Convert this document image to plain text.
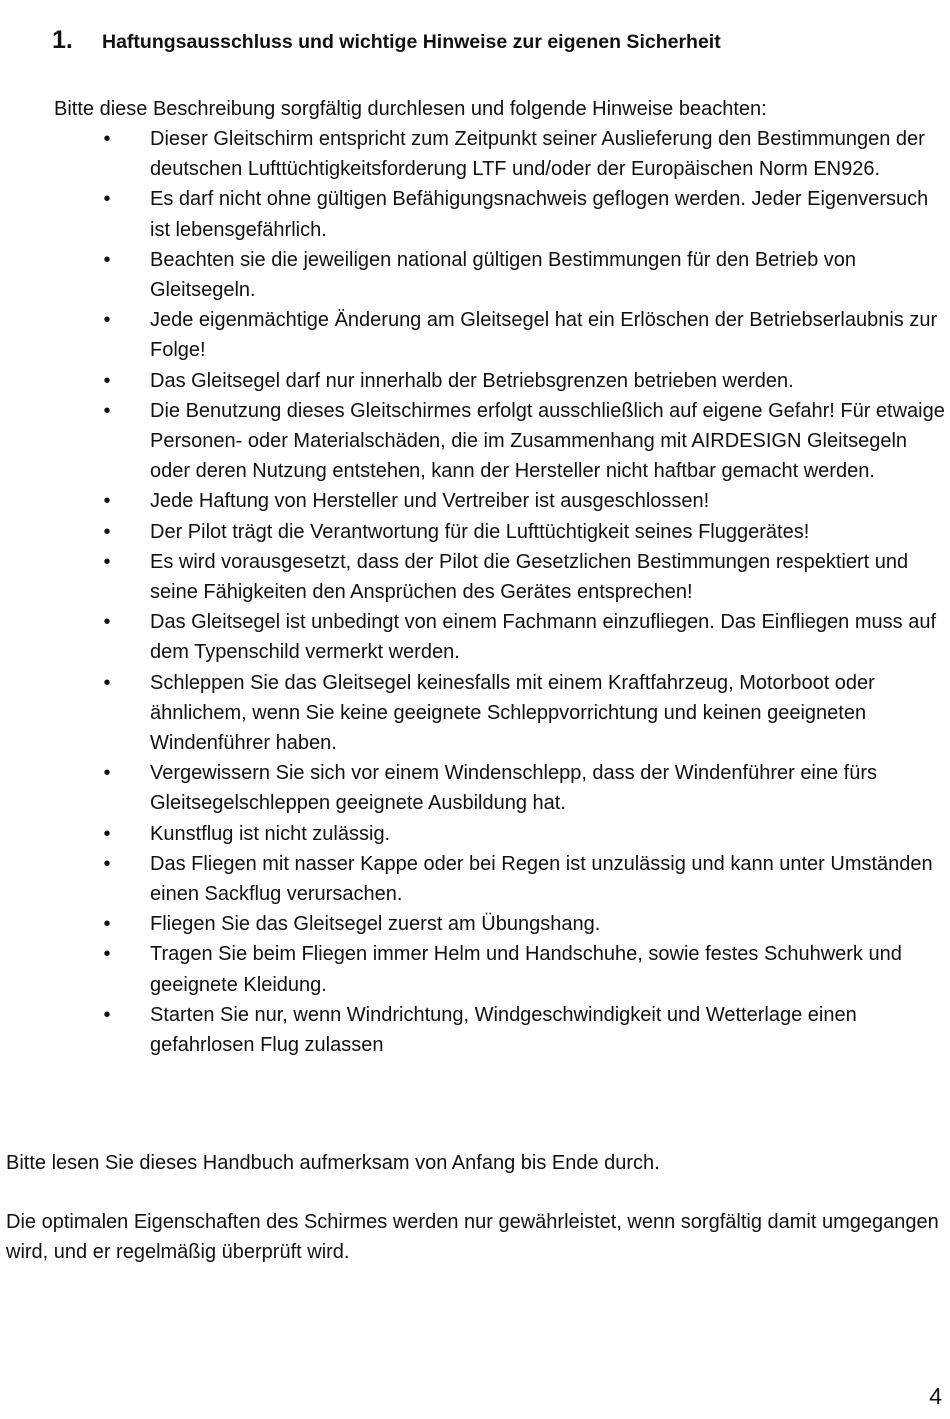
1.	Haftungsausschluss und wichtige Hinweise zur eigenen Sicherheit

Bitte diese Beschreibung sorgfältig durchlesen und folgende Hinweise beachten:

• Dieser Gleitschirm entspricht zum Zeitpunkt seiner Auslieferung den Bestimmungen der deutschen Lufttüchtigkeitsforderung LTF und/oder der Europäischen Norm EN926.
• Es darf nicht ohne gültigen Befähigungsnachweis geflogen werden. Jeder Eigenversuch ist lebensgefährlich.
• Beachten sie die jeweiligen national gültigen Bestimmungen für den Betrieb von Gleitsegeln.
• Jede eigenmächtige Änderung am Gleitsegel hat ein Erlöschen der Betriebserlaubnis zur Folge!
• Das Gleitsegel darf nur innerhalb der Betriebsgrenzen betrieben werden.
• Die Benutzung dieses Gleitschirmes erfolgt ausschließlich auf eigene Gefahr! Für etwaige Personen- oder Materialschäden, die im Zusammenhang mit AIRDESIGN Gleitsegeln oder deren Nutzung entstehen, kann der Hersteller nicht haftbar gemacht werden.
• Jede Haftung von Hersteller und Vertreiber ist ausgeschlossen!
• Der Pilot trägt die Verantwortung für die Lufttüchtigkeit seines Fluggerätes!
• Es wird vorausgesetzt, dass der Pilot die Gesetzlichen Bestimmungen respektiert und seine Fähigkeiten den Ansprüchen des Gerätes entsprechen!
• Das Gleitsegel ist unbedingt von einem Fachmann einzufliegen. Das Einfliegen muss auf dem Typenschild vermerkt werden.
• Schleppen Sie das Gleitsegel keinesfalls mit einem Kraftfahrzeug, Motorboot oder ähnlichem, wenn Sie keine geeignete Schleppvorrichtung und keinen geeigneten Windenführer haben.
• Vergewissern Sie sich vor einem Windenschlepp, dass der Windenführer eine fürs Gleitsegelschleppen geeignete Ausbildung hat.
• Kunstflug ist nicht zulässig.
• Das Fliegen mit nasser Kappe oder bei Regen ist unzulässig und kann unter Umständen einen Sackflug verursachen.
• Fliegen Sie das Gleitsegel zuerst am Übungshang.
• Tragen Sie beim Fliegen immer Helm und Handschuhe, sowie festes Schuhwerk und geeignete Kleidung.
• Starten Sie nur, wenn Windrichtung, Windgeschwindigkeit und Wetterlage einen gefahrlosen Flug zulassen

Bitte lesen Sie dieses Handbuch aufmerksam von Anfang bis Ende durch.

Die optimalen Eigenschaften des Schirmes werden nur gewährleistet, wenn sorgfältig damit umgegangen wird, und er regelmäßig überprüft wird.

4
